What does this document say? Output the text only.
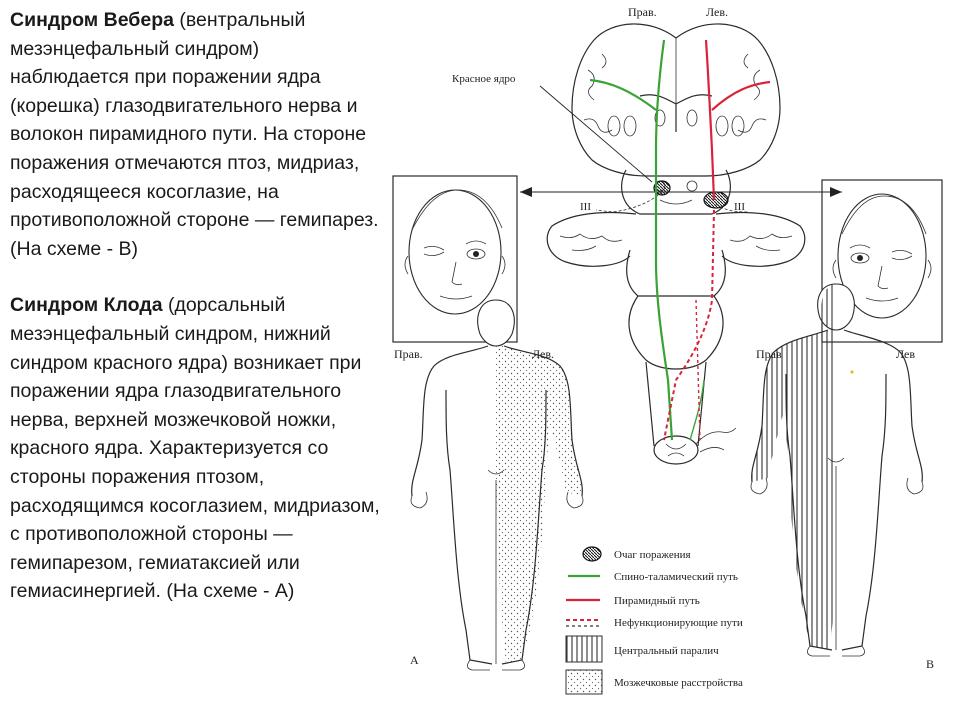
Синдром Вебера (вентральный мезэнцефальный синдром) наблюдается при поражении ядра (корешка) глазодвигательного нерва и волокон пирамидного пути. На стороне поражения отмечаются птоз, мидриаз, расходящееся косоглазие, на противоположной стороне — гемипарез. (На схеме - В)

Синдром Клода (дорсальный мезэнцефальный синдром, нижний синдром красного ядра) возникает при поражении ядра глазодвигательного нерва, верхней мозжечковой ножки, красного ядра. Характеризуется со стороны поражения птозом, расходящимся косоглазием, мидриазом, с противоположной стороны — гемипарезом, гемиатаксией или гемиасинергией. (На схеме - А)

Прав.	Лев.
Красное ядро
III	III
Прав.	Лев.	Прав	Лев
А	В
Очаг поражения
Спино-таламический путь
Пирамидный путь
Нефункционирующие пути
Центральный паралич
Мозжечковые расстройства
